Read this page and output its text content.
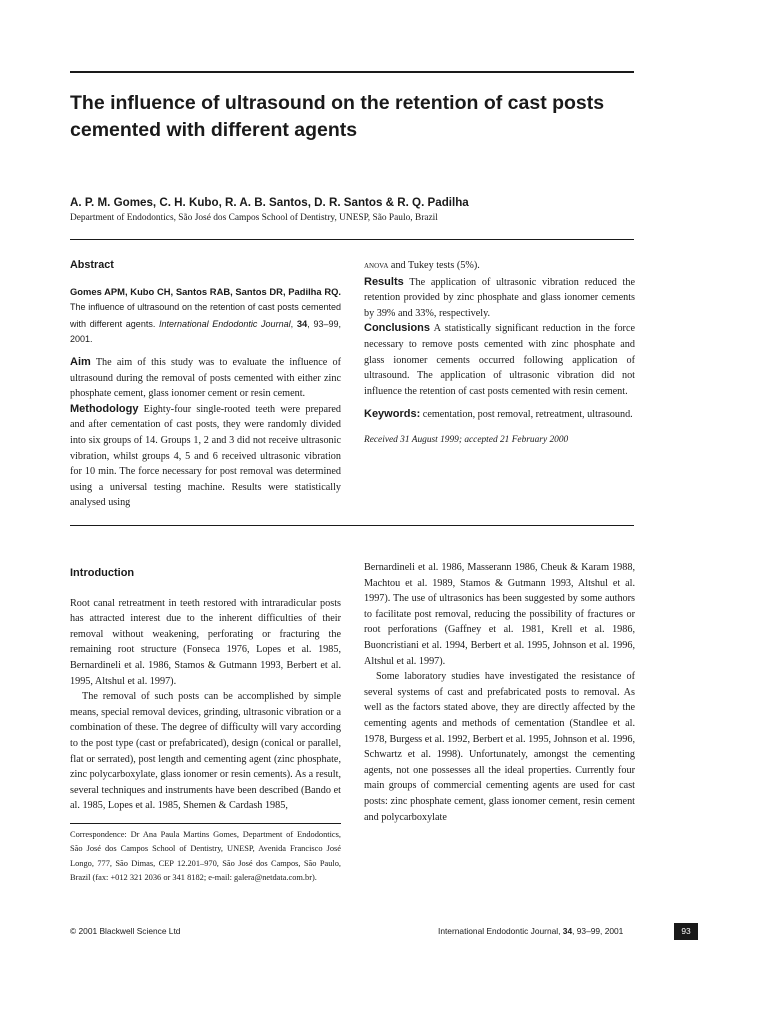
The influence of ultrasound on the retention of cast posts cemented with different agents

A. P. M. Gomes, C. H. Kubo, R. A. B. Santos, D. R. Santos & R. Q. Padilha

Department of Endodontics, São José dos Campos School of Dentistry, UNESP, São Paulo, Brazil

Abstract

Gomes APM, Kubo CH, Santos RAB, Santos DR, Padilha RQ. The influence of ultrasound on the retention of cast posts cemented with different agents. International Endodontic Journal, 34, 93–99, 2001.

Aim The aim of this study was to evaluate the influence of ultrasound during the removal of posts cemented with either zinc phosphate cement, glass ionomer cement or resin cement.

Methodology Eighty-four single-rooted teeth were prepared and after cementation of cast posts, they were randomly divided into six groups of 14. Groups 1, 2 and 3 did not receive ultrasonic vibration, whilst groups 4, 5 and 6 received ultrasonic vibration for 10 min. The force necessary for post removal was determined using a universal testing machine. Results were statistically analysed using

anova and Tukey tests (5%).

Results The application of ultrasonic vibration reduced the retention provided by zinc phosphate and glass ionomer cements by 39% and 33%, respectively.

Conclusions A statistically significant reduction in the force necessary to remove posts cemented with zinc phosphate and glass ionomer cements occurred following application of ultrasound. The application of ultrasonic vibration did not influence the retention of cast posts cemented with resin cement.

Keywords: cementation, post removal, retreatment, ultrasound.

Received 31 August 1999; accepted 21 February 2000

Introduction

Root canal retreatment in teeth restored with intraradicular posts has attracted interest due to the inherent difficulties of their removal without weakening, perforating or fracturing the remaining root structure (Fonseca 1976, Lopes et al. 1985, Bernardineli et al. 1986, Stamos & Gutmann 1993, Berbert et al. 1995, Altshul et al. 1997).

The removal of such posts can be accomplished by simple means, special removal devices, grinding, ultrasonic vibration or a combination of these. The degree of difficulty will vary according to the post type (cast or prefabricated), design (conical or parallel, flat or serrated), post length and cementing agent (zinc phosphate, zinc polycarboxylate, glass ionomer or resin cements). As a result, several techniques and instruments have been described (Bando et al. 1985, Lopes et al. 1985, Shemen & Cardash 1985,

Bernardineli et al. 1986, Masserann 1986, Cheuk & Karam 1988, Machtou et al. 1989, Stamos & Gutmann 1993, Altshul et al. 1997). The use of ultrasonics has been suggested by some authors to facilitate post removal, reducing the possibility of fractures or root perforations (Gaffney et al. 1981, Krell et al. 1986, Buoncristiani et al. 1994, Berbert et al. 1995, Johnson et al. 1996, Altshul et al. 1997).

Some laboratory studies have investigated the resistance of several systems of cast and prefabricated posts to removal. As well as the factors stated above, they are directly affected by the cementing agents and methods of cementation (Standlee et al. 1978, Burgess et al. 1992, Berbert et al. 1995, Johnson et al. 1996, Schwartz et al. 1998). Unfortunately, amongst the cementing agents, not one possesses all the ideal properties. Currently four main groups of commercial cementing agents are used for cast posts: zinc phosphate cement, glass ionomer cement, resin cement and polycarboxylate

Correspondence: Dr Ana Paula Martins Gomes, Department of Endodontics, São José dos Campos School of Dentistry, UNESP, Avenida Francisco José Longo, 777, São Dimas, CEP 12.201–970, São José dos Campos, São Paulo, Brazil (fax: +012 321 2036 or 341 8182; e-mail: galera@netdata.com.br).

© 2001 Blackwell Science Ltd	International Endodontic Journal, 34, 93–99, 2001	93
